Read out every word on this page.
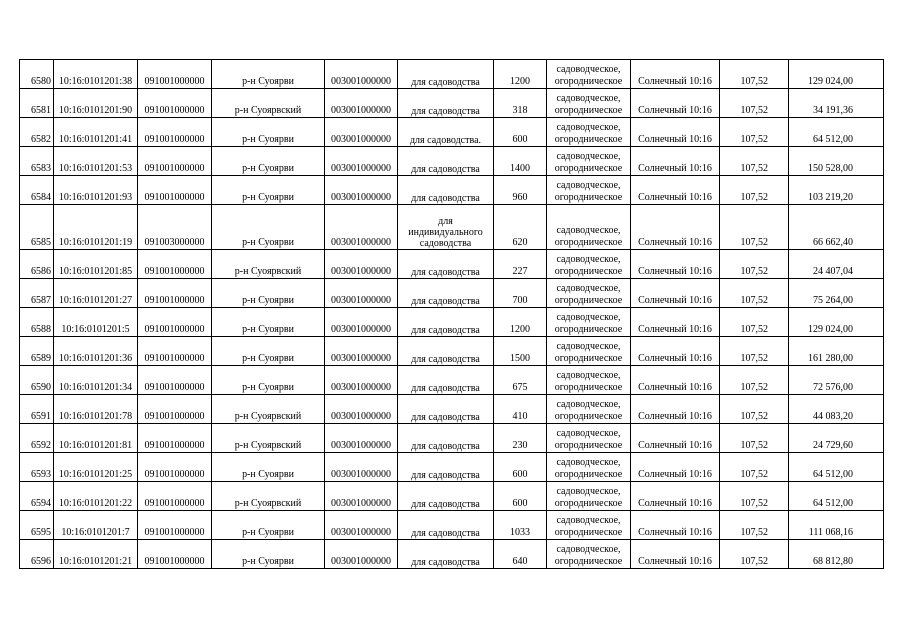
6580	10:16:0101201:38	091001000000	р-н Суоярви	003001000000	для садоводства	1200	садоводческое,
огородническое	Солнечный 10:16	107,52	129 024,00
6581	10:16:0101201:90	091001000000	р-н Суоярвский	003001000000	для садоводства	318	садоводческое,
огородническое	Солнечный 10:16	107,52	34 191,36
6582	10:16:0101201:41	091001000000	р-н Суоярви	003001000000	для садоводства.	600	садоводческое,
огородническое	Солнечный 10:16	107,52	64 512,00
6583	10:16:0101201:53	091001000000	р-н Суоярви	003001000000	для садоводства	1400	садоводческое,
огородническое	Солнечный 10:16	107,52	150 528,00
6584	10:16:0101201:93	091001000000	р-н Суоярви	003001000000	для садоводства	960	садоводческое,
огородническое	Солнечный 10:16	107,52	103 219,20
6585	10:16:0101201:19	091003000000	р-н Суоярви	003001000000	для
индивидуального
садоводства	620	садоводческое,
огородническое	Солнечный 10:16	107,52	66 662,40
6586	10:16:0101201:85	091001000000	р-н Суоярвский	003001000000	для садоводства	227	садоводческое,
огородническое	Солнечный 10:16	107,52	24 407,04
6587	10:16:0101201:27	091001000000	р-н Суоярви	003001000000	для садоводства	700	садоводческое,
огородническое	Солнечный 10:16	107,52	75 264,00
6588	10:16:0101201:5	091001000000	р-н Суоярви	003001000000	для садоводства	1200	садоводческое,
огородническое	Солнечный 10:16	107,52	129 024,00
6589	10:16:0101201:36	091001000000	р-н Суоярви	003001000000	для садоводства	1500	садоводческое,
огородническое	Солнечный 10:16	107,52	161 280,00
6590	10:16:0101201:34	091001000000	р-н Суоярви	003001000000	для садоводства	675	садоводческое,
огородническое	Солнечный 10:16	107,52	72 576,00
6591	10:16:0101201:78	091001000000	р-н Суоярвский	003001000000	для садоводства	410	садоводческое,
огородническое	Солнечный 10:16	107,52	44 083,20
6592	10:16:0101201:81	091001000000	р-н Суоярвский	003001000000	для садоводства	230	садоводческое,
огородническое	Солнечный 10:16	107,52	24 729,60
6593	10:16:0101201:25	091001000000	р-н Суоярви	003001000000	для садоводства	600	садоводческое,
огородническое	Солнечный 10:16	107,52	64 512,00
6594	10:16:0101201:22	091001000000	р-н Суоярвский	003001000000	для садоводства	600	садоводческое,
огородническое	Солнечный 10:16	107,52	64 512,00
6595	10:16:0101201:7	091001000000	р-н Суоярви	003001000000	для садоводства	1033	садоводческое,
огородническое	Солнечный 10:16	107,52	111 068,16
6596	10:16:0101201:21	091001000000	р-н Суоярви	003001000000	для садоводства	640	садоводческое,
огородническое	Солнечный 10:16	107,52	68 812,80
